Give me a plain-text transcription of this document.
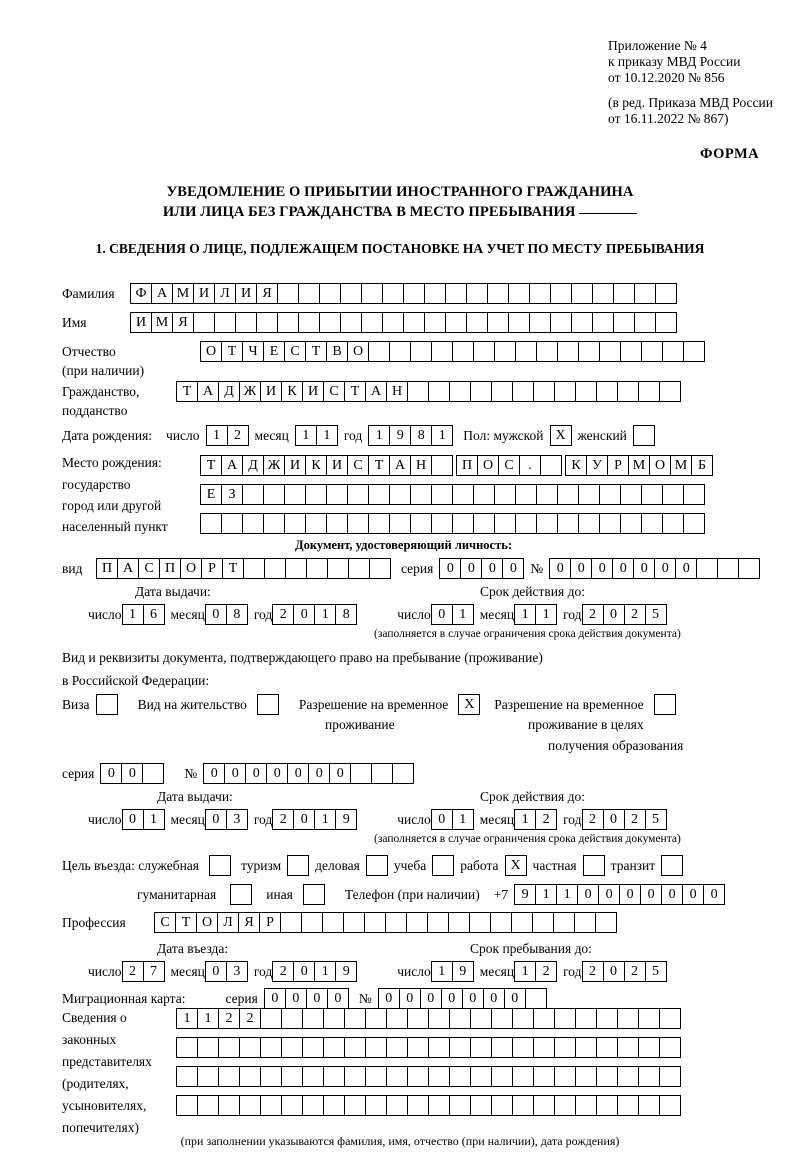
Приложение № 4
к приказу МВД России
от 10.12.2020 № 856
(в ред. Приказа МВД России
от 16.11.2022 № 867)
ФОРМА
УВЕДОМЛЕНИЕ О ПРИБЫТИИ ИНОСТРАННОГО ГРАЖДАНИНА
ИЛИ ЛИЦА БЕЗ ГРАЖДАНСТВА В МЕСТО ПРЕБЫВАНИЯ
1. СВЕДЕНИЯ О ЛИЦЕ, ПОДЛЕЖАЩЕМ ПОСТАНОВКЕ НА УЧЕТ ПО МЕСТУ ПРЕБЫВАНИЯ
Фамилия	Ф А М И Л И Я
Имя	И М Я
Отчество	О Т Ч Е С Т В О
(при наличии)
Гражданство,	Т А Д Ж И К И С Т А Н
подданство
Дата рождения: число 1	2	месяц 1	1	год 1	9	8	1	Пол: мужской Х женский
Место рождения:	Т А Д Ж И К И С Т А Н	П О С	.	К У Р М О М Б
государство
Е З
город или другой
населенный пункт
Документ, удостоверяющий личность:
вид	П А С П О Р Т	серия 0	0	0	0	№ 0	0	0	0	0	0	0
Дата выдачи:	Срок действия до:
число 1	6	месяц 0	8	год 2	0	1	8	число 0	1	месяц 1	1	год 2	0	2	5
(заполняется в случае ограничения срока действия документа)
Вид и реквизиты документа, подтверждающего право на пребывание (проживание)
в Российской Федерации:
Виза	Вид на жительство	Разрешение на временное	Х	Разрешение на временное
проживание	проживание в целях
получения образования
серия 0	0	№ 0	0	0	0	0	0	0
Дата выдачи:	Срок действия до:
число 0	1	месяц 0	3	год 2	0	1	9	число 0	1	месяц 1	2	год 2	0	2	5
(заполняется в случае ограничения срока действия документа)
Цель въезда: служебная	туризм	деловая	учеба	работа Х частная	транзит
гуманитарная	иная	Телефон (при наличии) +7 9	1	1	0	0	0	0	0	0	0
Профессия	С Т О Л Я Р
Дата въезда:	Срок пребывания до:
число 2	7	месяц 0	3	год 2	0	1	9	число 1	9	месяц 1	2	год 2	0	2	5
Миграционная карта:	серия 0	0	0	0	№ 0	0	0	0	0	0	0
Сведения о
законных
представителях
(родителях,
усыновителях,
попечителях)
1	1	2	2
(при заполнении указываются фамилия, имя, отчество (при наличии), дата рождения)
